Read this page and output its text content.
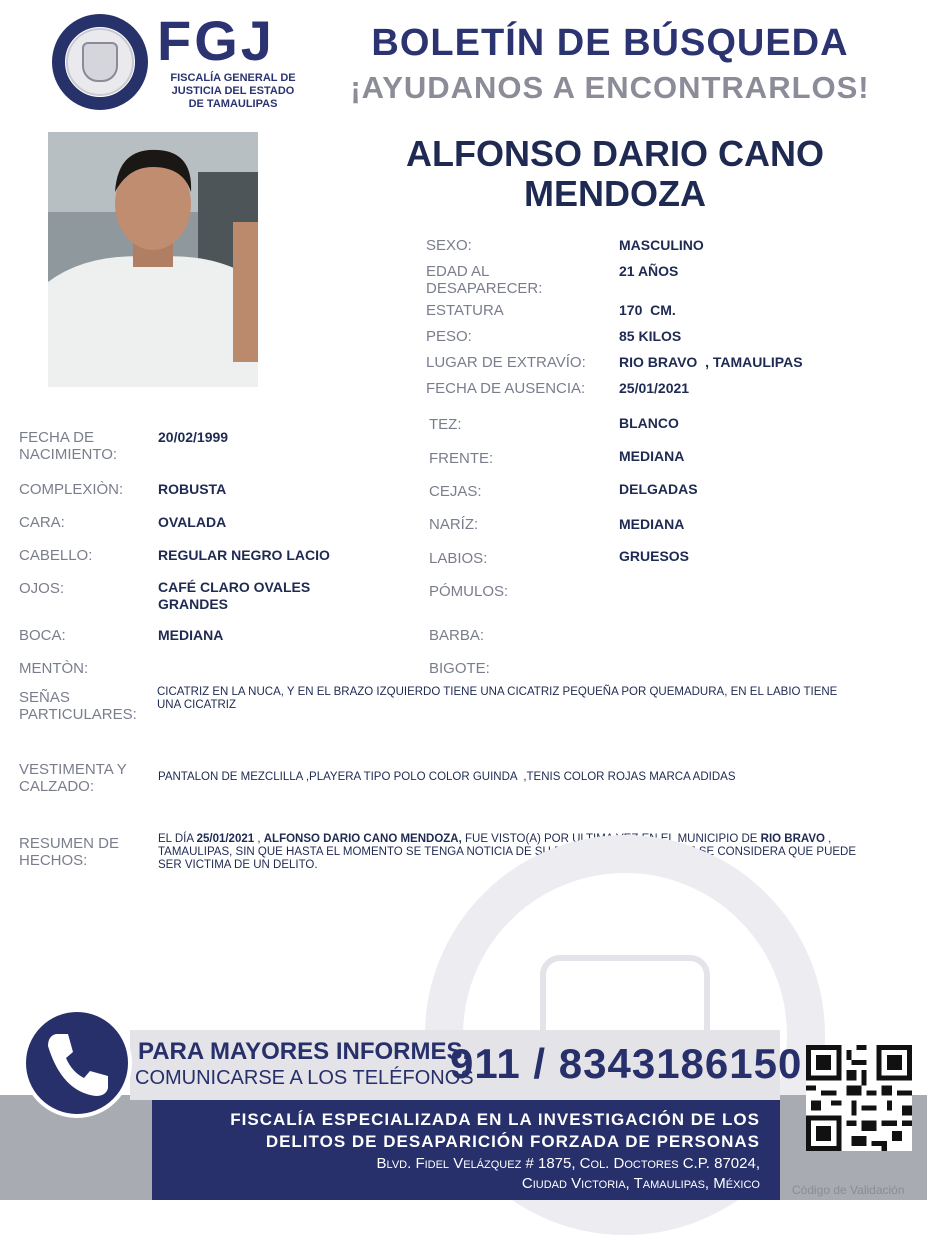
FGJ
FISCALÍA GENERAL DE
JUSTICIA DEL ESTADO
DE TAMAULIPAS
BOLETÍN DE BÚSQUEDA
¡AYUDANOS A ENCONTRARLOS!
ALFONSO DARIO CANO
MENDOZA
SEXO:	MASCULINO
EDAD AL DESAPARECER:
21 AÑOS
ESTATURA	170  CM.
PESO:	85 KILOS
LUGAR DE EXTRAVÍO: RIO BRAVO  , TAMAULIPAS
FECHA DE AUSENCIA: 25/01/2021
FECHA DE NACIMIENTO:
20/02/1999
COMPLEXIÒN: ROBUSTA
CARA:	OVALADA
CABELLO:	REGULAR NEGRO LACIO
OJOS:	CAFÉ CLARO OVALES GRANDES
BOCA:	MEDIANA
MENTÒN:
TEZ:	BLANCO
FRENTE:	MEDIANA
CEJAS:	DELGADAS
NARÍZ:	MEDIANA
LABIOS:	GRUESOS
PÓMULOS:
BARBA:
BIGOTE:
SEÑAS PARTICULARES:
CICATRIZ EN LA NUCA, Y EN EL BRAZO IZQUIERDO TIENE UNA CICATRIZ PEQUEÑA POR QUEMADURA, EN EL LABIO TIENE UNA CICATRIZ
VESTIMENTA Y CALZADO:
PANTALON DE MEZCLILLA ,PLAYERA TIPO POLO COLOR GUINDA  ,TENIS COLOR ROJAS MARCA ADIDAS
RESUMEN DE HECHOS:
EL DÍA 25/01/2021 , ALFONSO DARIO CANO MENDOZA, FUE VISTO(A) POR ULTIMA VEZ EN EL MUNICIPIO DE RIO BRAVO , TAMAULIPAS, SIN QUE HASTA EL MOMENTO SE TENGA NOTICIA DE SU PARADERO, POR LO QUE SE CONSIDERA QUE PUEDE SER VICTIMA DE UN DELITO.
PARA MAYORES INFORMES,
COMUNICARSE A LOS TELÉFONOS
911 / 8343186150
FISCALÍA ESPECIALIZADA EN LA INVESTIGACIÓN DE LOS
DELITOS DE DESAPARICIÓN FORZADA DE PERSONAS
Blvd. Fidel Velázquez # 1875, Col. Doctores C.P. 87024,
Ciudad Victoria, Tamaulipas, México	Código de Validación
